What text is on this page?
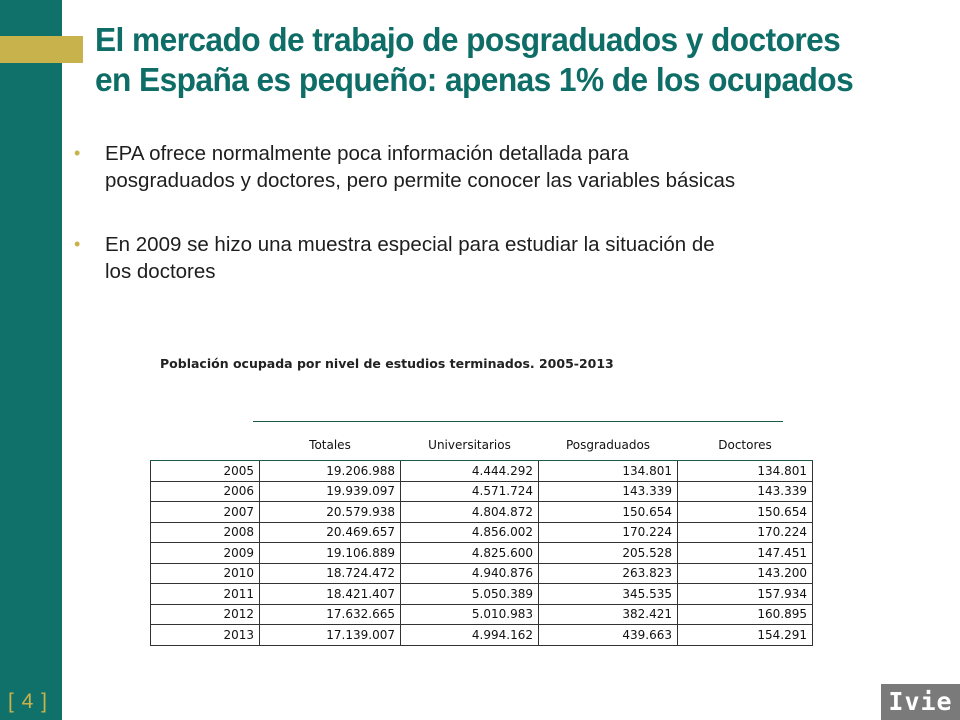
El mercado de trabajo de posgraduados y doctores
en España es pequeño: apenas 1% de los ocupados
• EPA ofrece normalmente poca información detallada para
posgraduados y doctores, pero permite conocer las variables básicas
• En 2009 se hizo una muestra especial para estudiar la situación de
los doctores

Población ocupada por nivel de estudios terminados. 2005-2013

	Totales	Universitarios	Posgraduados	Doctores
2005	19.206.988	4.444.292	134.801	134.801
2006	19.939.097	4.571.724	143.339	143.339
2007	20.579.938	4.804.872	150.654	150.654
2008	20.469.657	4.856.002	170.224	170.224
2009	19.106.889	4.825.600	205.528	147.451
2010	18.724.472	4.940.876	263.823	143.200
2011	18.421.407	5.050.389	345.535	157.934
2012	17.632.665	5.010.983	382.421	160.895
2013	17.139.007	4.994.162	439.663	154.291
[ 4 ]	Ivie
